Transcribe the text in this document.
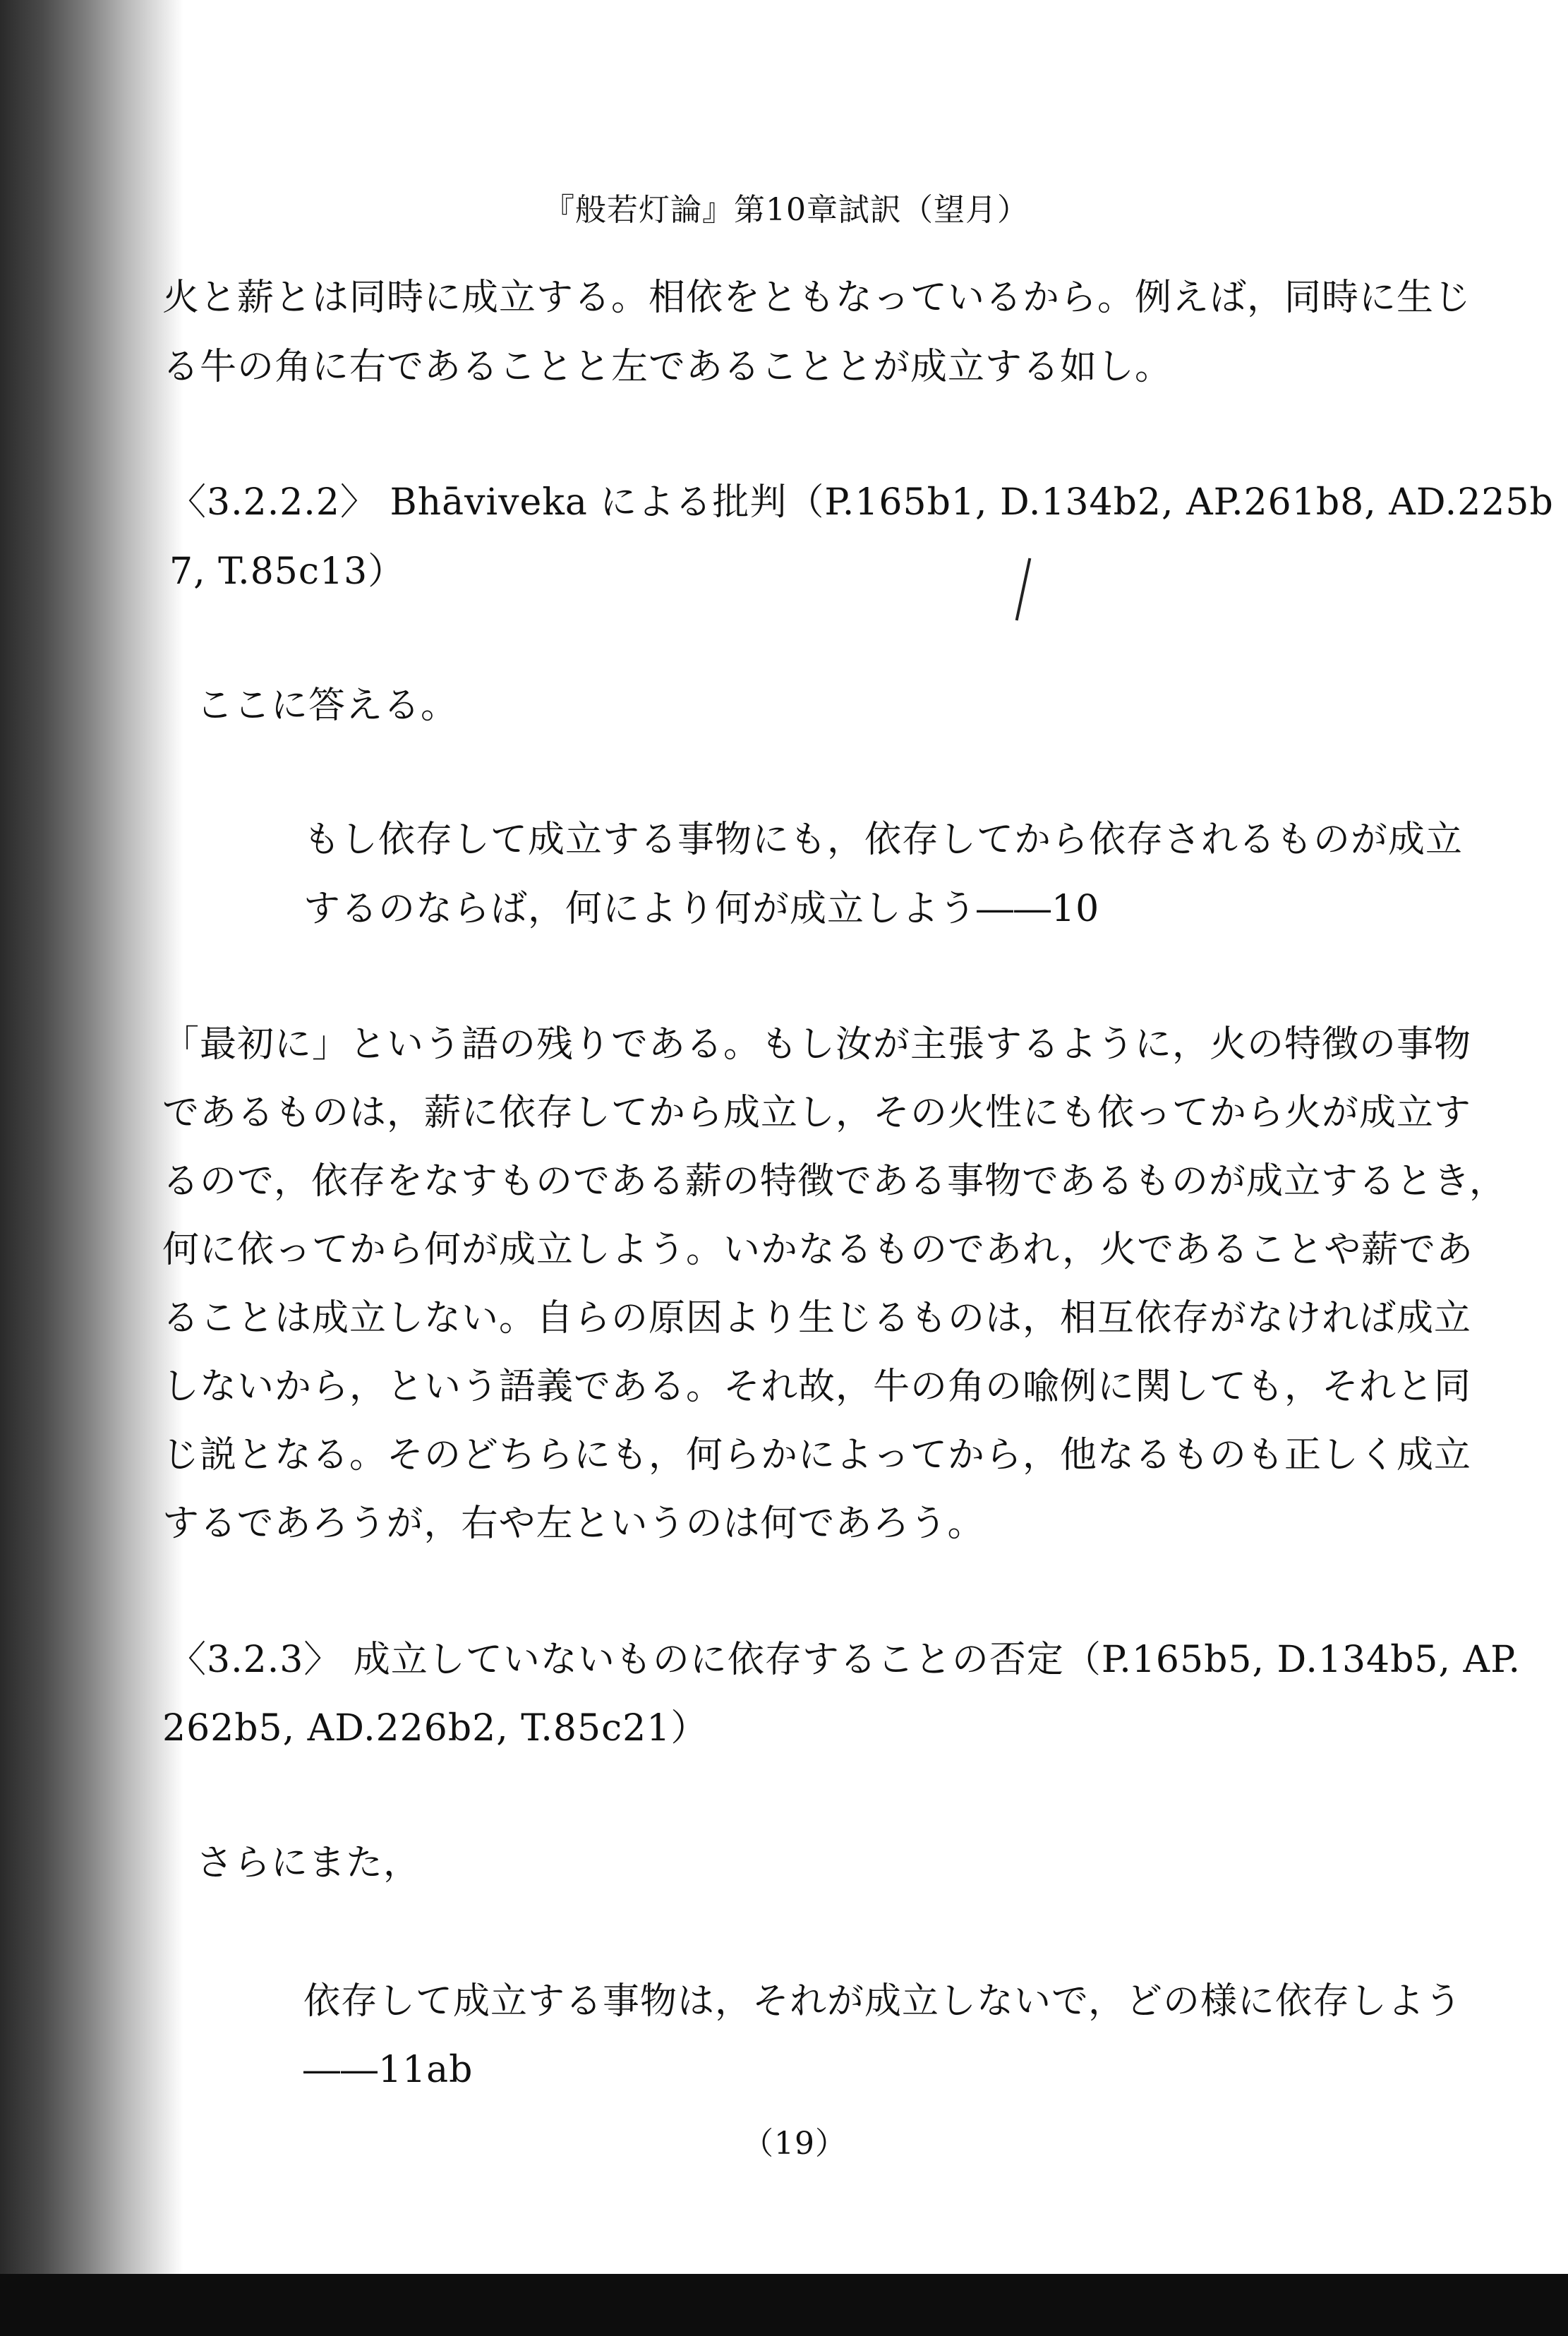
『般若灯論』第10章試訳（望月）
火と薪とは同時に成立する。相依をともなっているから。例えば，同時に生じ
る牛の角に右であることと左であることとが成立する如し。
〈3.2.2.2〉 Bhāviveka による批判（P.165b1, D.134b2, AP.261b8, AD.225b
7, T.85c13）
ここに答える。
もし依存して成立する事物にも，依存してから依存されるものが成立
するのならば，何により何が成立しよう――10
「最初に」という語の残りである。もし汝が主張するように，火の特徴の事物
であるものは，薪に依存してから成立し，その火性にも依ってから火が成立す
るので，依存をなすものである薪の特徴である事物であるものが成立するとき，
何に依ってから何が成立しよう。いかなるものであれ，火であることや薪であ
ることは成立しない。自らの原因より生じるものは，相互依存がなければ成立
しないから，という語義である。それ故，牛の角の喩例に関しても，それと同
じ説となる。そのどちらにも，何らかによってから，他なるものも正しく成立
するであろうが，右や左というのは何であろう。
〈3.2.3〉 成立していないものに依存することの否定（P.165b5, D.134b5, AP.
262b5, AD.226b2, T.85c21）
さらにまた，
依存して成立する事物は，それが成立しないで，どの様に依存しよう
――11ab
（19）
